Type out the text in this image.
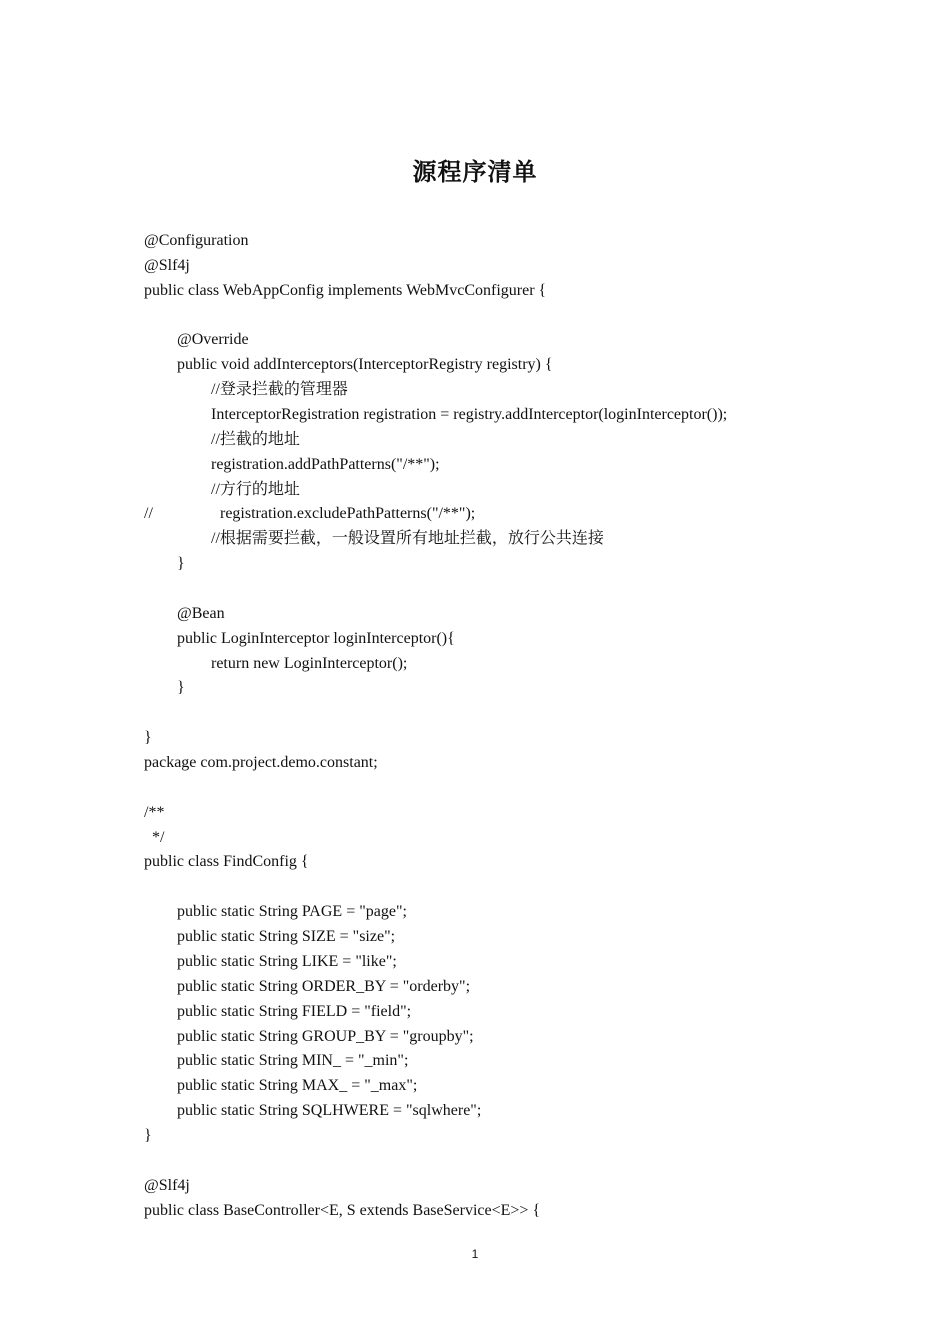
源程序清单
@Configuration
@Slf4j
public class WebAppConfig implements WebMvcConfigurer {
@Override
public void addInterceptors(InterceptorRegistry registry) {
//登录拦截的管理器
InterceptorRegistration registration = registry.addInterceptor(loginInterceptor());
//拦截的地址
registration.addPathPatterns("/**");
//方行的地址
//	registration.excludePathPatterns("/**");
//根据需要拦截，一般设置所有地址拦截，放行公共连接
}
@Bean
public LoginInterceptor loginInterceptor(){
return new LoginInterceptor();
}
}
package com.project.demo.constant;
/**
*/
public class FindConfig {
public static String PAGE = "page";
public static String SIZE = "size";
public static String LIKE = "like";
public static String ORDER_BY = "orderby";
public static String FIELD = "field";
public static String GROUP_BY = "groupby";
public static String MIN_ = "_min";
public static String MAX_ = "_max";
public static String SQLHWERE = "sqlwhere";
}
@Slf4j
public class BaseController<E, S extends BaseService<E>> {
1
